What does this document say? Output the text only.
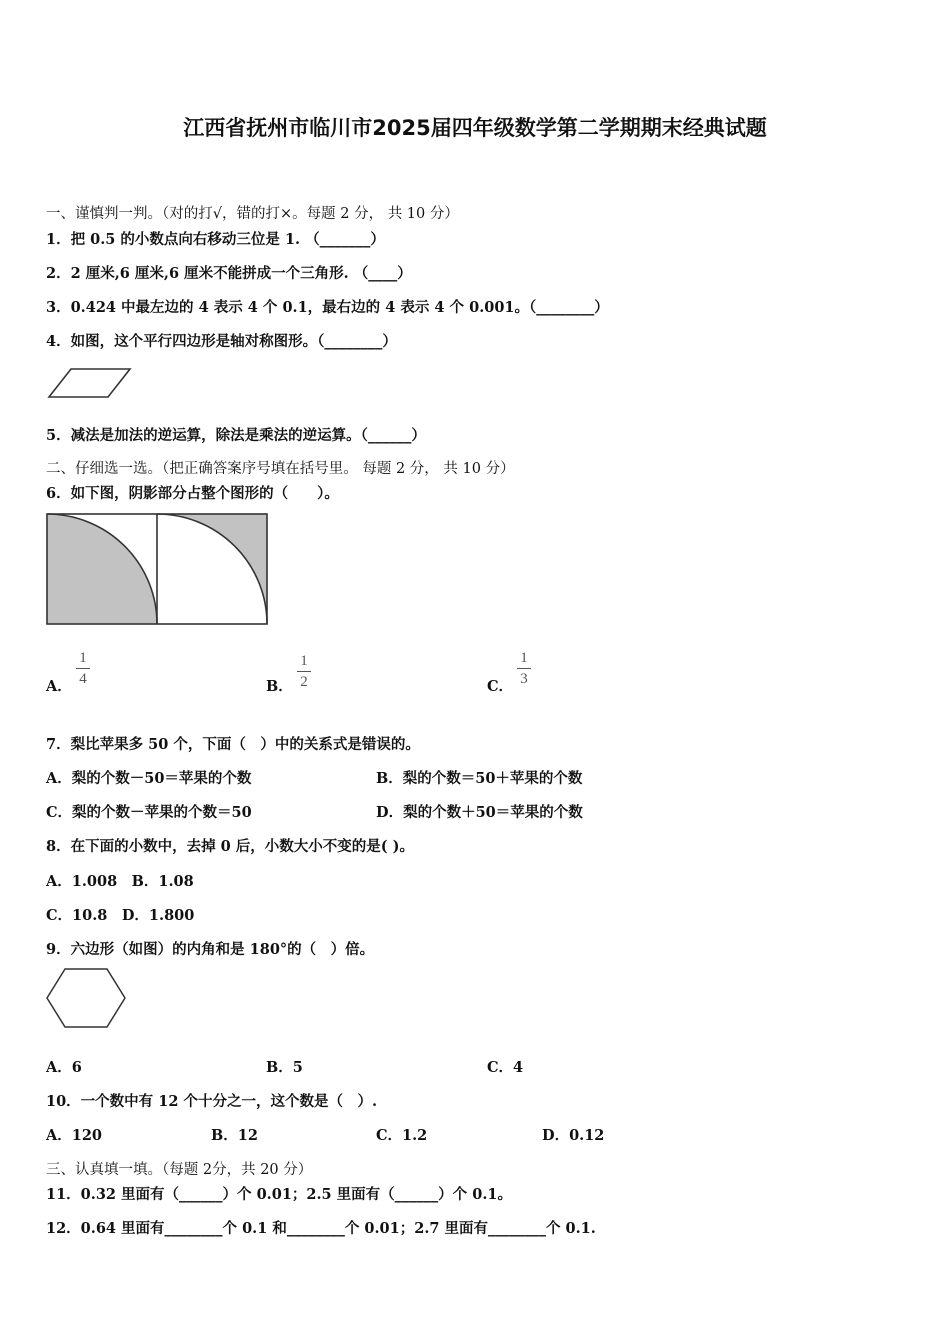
江西省抚州市临川市2025届四年级数学第二学期期末经典试题
一、谨慎判一判。（对的打√，错的打×。每题 2 分， 共 10 分）
1．把 0.5 的小数点向右移动三位是 1. （_______）
2．2 厘米,6 厘米,6 厘米不能拼成一个三角形. （____）
3．0.424 中最左边的 4 表示 4 个 0.1，最右边的 4 表示 4 个 0.001。（________）
4．如图，这个平行四边形是轴对称图形。（________）
5．减法是加法的逆运算，除法是乘法的逆运算。（______）
二、仔细选一选。（把正确答案序号填在括号里。 每题 2 分， 共 10 分）
6．如下图，阴影部分占整个图形的（　　）。
A．
1
4	B．
1
2	C．
1
3
7．梨比苹果多 50 个，下面（　）中的关系式是错误的。
A．梨的个数－50＝苹果的个数	B．梨的个数＝50＋苹果的个数
C．梨的个数－苹果的个数＝50	D．梨的个数＋50＝苹果的个数
8．在下面的小数中，去掉 0 后，小数大小不变的是( )。
A．1.008　B．1.08
C．10.8　D．1.800
9．六边形（如图）的内角和是 180°的（　）倍。
A．6	B．5	C．4
10．一个数中有 12 个十分之一，这个数是（　）.
A．120	B．12	C．1.2	D．0.12
三、认真填一填。（每题 2分，共 20 分）
11．0.32 里面有（______）个 0.01；2.5 里面有（______）个 0.1。
12．0.64 里面有________个 0.1 和________个 0.01；2.7 里面有________个 0.1.
